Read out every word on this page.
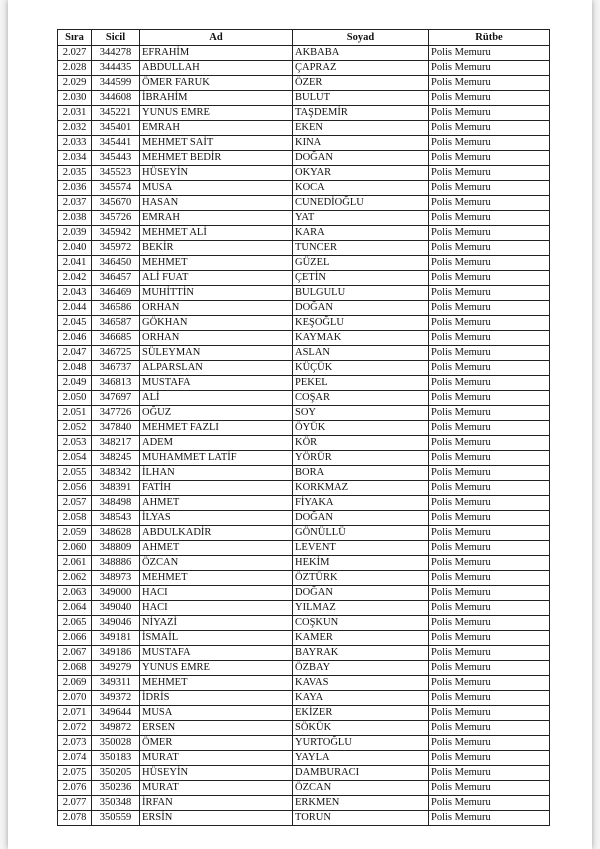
Sıra	Sicil	Ad	Soyad	Rütbe
2.027	344278	EFRAHİM	AKBABA	Polis Memuru
2.028	344435	ABDULLAH	ÇAPRAZ	Polis Memuru
2.029	344599	ÖMER FARUK	ÖZER	Polis Memuru
2.030	344608	İBRAHİM	BULUT	Polis Memuru
2.031	345221	YUNUS EMRE	TAŞDEMİR	Polis Memuru
2.032	345401	EMRAH	EKEN	Polis Memuru
2.033	345441	MEHMET SAİT	KINA	Polis Memuru
2.034	345443	MEHMET BEDİR	DOĞAN	Polis Memuru
2.035	345523	HÜSEYİN	OKYAR	Polis Memuru
2.036	345574	MUSA	KOCA	Polis Memuru
2.037	345670	HASAN	CUNEDİOĞLU	Polis Memuru
2.038	345726	EMRAH	YAT	Polis Memuru
2.039	345942	MEHMET ALİ	KARA	Polis Memuru
2.040	345972	BEKİR	TUNCER	Polis Memuru
2.041	346450	MEHMET	GÜZEL	Polis Memuru
2.042	346457	ALİ FUAT	ÇETİN	Polis Memuru
2.043	346469	MUHİTTİN	BULGULU	Polis Memuru
2.044	346586	ORHAN	DOĞAN	Polis Memuru
2.045	346587	GÖKHAN	KEŞOĞLU	Polis Memuru
2.046	346685	ORHAN	KAYMAK	Polis Memuru
2.047	346725	SÜLEYMAN	ASLAN	Polis Memuru
2.048	346737	ALPARSLAN	KÜÇÜK	Polis Memuru
2.049	346813	MUSTAFA	PEKEL	Polis Memuru
2.050	347697	ALİ	COŞAR	Polis Memuru
2.051	347726	OĞUZ	SOY	Polis Memuru
2.052	347840	MEHMET FAZLI	ÖYÜK	Polis Memuru
2.053	348217	ADEM	KÖR	Polis Memuru
2.054	348245	MUHAMMET LATİF	YÖRÜR	Polis Memuru
2.055	348342	İLHAN	BORA	Polis Memuru
2.056	348391	FATİH	KORKMAZ	Polis Memuru
2.057	348498	AHMET	FİYAKA	Polis Memuru
2.058	348543	İLYAS	DOĞAN	Polis Memuru
2.059	348628	ABDULKADİR	GÖNÜLLÜ	Polis Memuru
2.060	348809	AHMET	LEVENT	Polis Memuru
2.061	348886	ÖZCAN	HEKİM	Polis Memuru
2.062	348973	MEHMET	ÖZTÜRK	Polis Memuru
2.063	349000	HACI	DOĞAN	Polis Memuru
2.064	349040	HACI	YILMAZ	Polis Memuru
2.065	349046	NİYAZİ	COŞKUN	Polis Memuru
2.066	349181	İSMAİL	KAMER	Polis Memuru
2.067	349186	MUSTAFA	BAYRAK	Polis Memuru
2.068	349279	YUNUS EMRE	ÖZBAY	Polis Memuru
2.069	349311	MEHMET	KAVAS	Polis Memuru
2.070	349372	İDRİS	KAYA	Polis Memuru
2.071	349644	MUSA	EKİZER	Polis Memuru
2.072	349872	ERSEN	SÖKÜK	Polis Memuru
2.073	350028	ÖMER	YURTOĞLU	Polis Memuru
2.074	350183	MURAT	YAYLA	Polis Memuru
2.075	350205	HÜSEYİN	DAMBURACI	Polis Memuru
2.076	350236	MURAT	ÖZCAN	Polis Memuru
2.077	350348	İRFAN	ERKMEN	Polis Memuru
2.078	350559	ERSİN	TORUN	Polis Memuru
